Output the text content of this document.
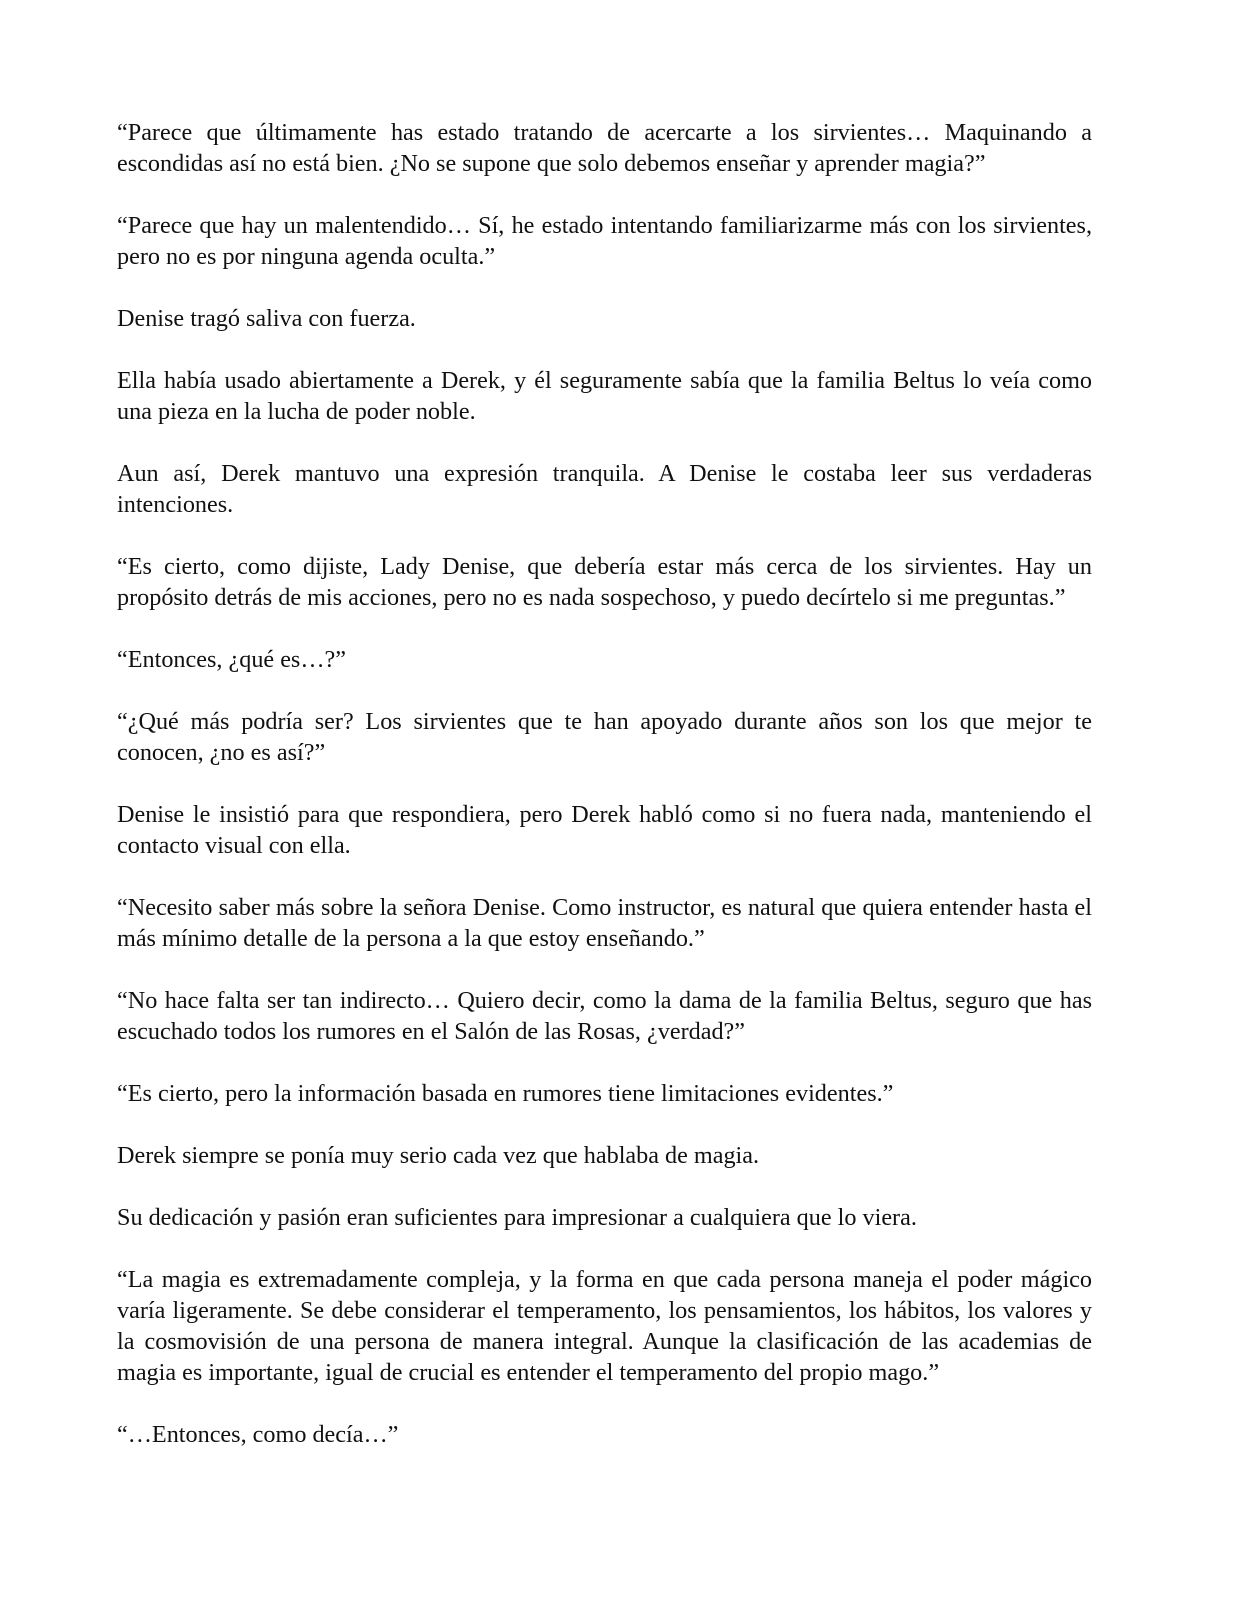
“Parece que últimamente has estado tratando de acercarte a los sirvientes… Maquinando a escondidas así no está bien. ¿No se supone que solo debemos enseñar y aprender magia?”

“Parece que hay un malentendido… Sí, he estado intentando familiarizarme más con los sirvientes, pero no es por ninguna agenda oculta.”

Denise tragó saliva con fuerza.

Ella había usado abiertamente a Derek, y él seguramente sabía que la familia Beltus lo veía como una pieza en la lucha de poder noble.

Aun así, Derek mantuvo una expresión tranquila. A Denise le costaba leer sus verdaderas intenciones.

“Es cierto, como dijiste, Lady Denise, que debería estar más cerca de los sirvientes. Hay un propósito detrás de mis acciones, pero no es nada sospechoso, y puedo decírtelo si me preguntas.”

“Entonces, ¿qué es…?”

“¿Qué más podría ser? Los sirvientes que te han apoyado durante años son los que mejor te conocen, ¿no es así?”

Denise le insistió para que respondiera, pero Derek habló como si no fuera nada, manteniendo el contacto visual con ella.

“Necesito saber más sobre la señora Denise. Como instructor, es natural que quiera entender hasta el más mínimo detalle de la persona a la que estoy enseñando.”

“No hace falta ser tan indirecto… Quiero decir, como la dama de la familia Beltus, seguro que has escuchado todos los rumores en el Salón de las Rosas, ¿verdad?”

“Es cierto, pero la información basada en rumores tiene limitaciones evidentes.”

Derek siempre se ponía muy serio cada vez que hablaba de magia.

Su dedicación y pasión eran suficientes para impresionar a cualquiera que lo viera.

“La magia es extremadamente compleja, y la forma en que cada persona maneja el poder mágico varía ligeramente. Se debe considerar el temperamento, los pensamientos, los hábitos, los valores y la cosmovisión de una persona de manera integral. Aunque la clasificación de las academias de magia es importante, igual de crucial es entender el temperamento del propio mago.”

“…Entonces, como decía…”
